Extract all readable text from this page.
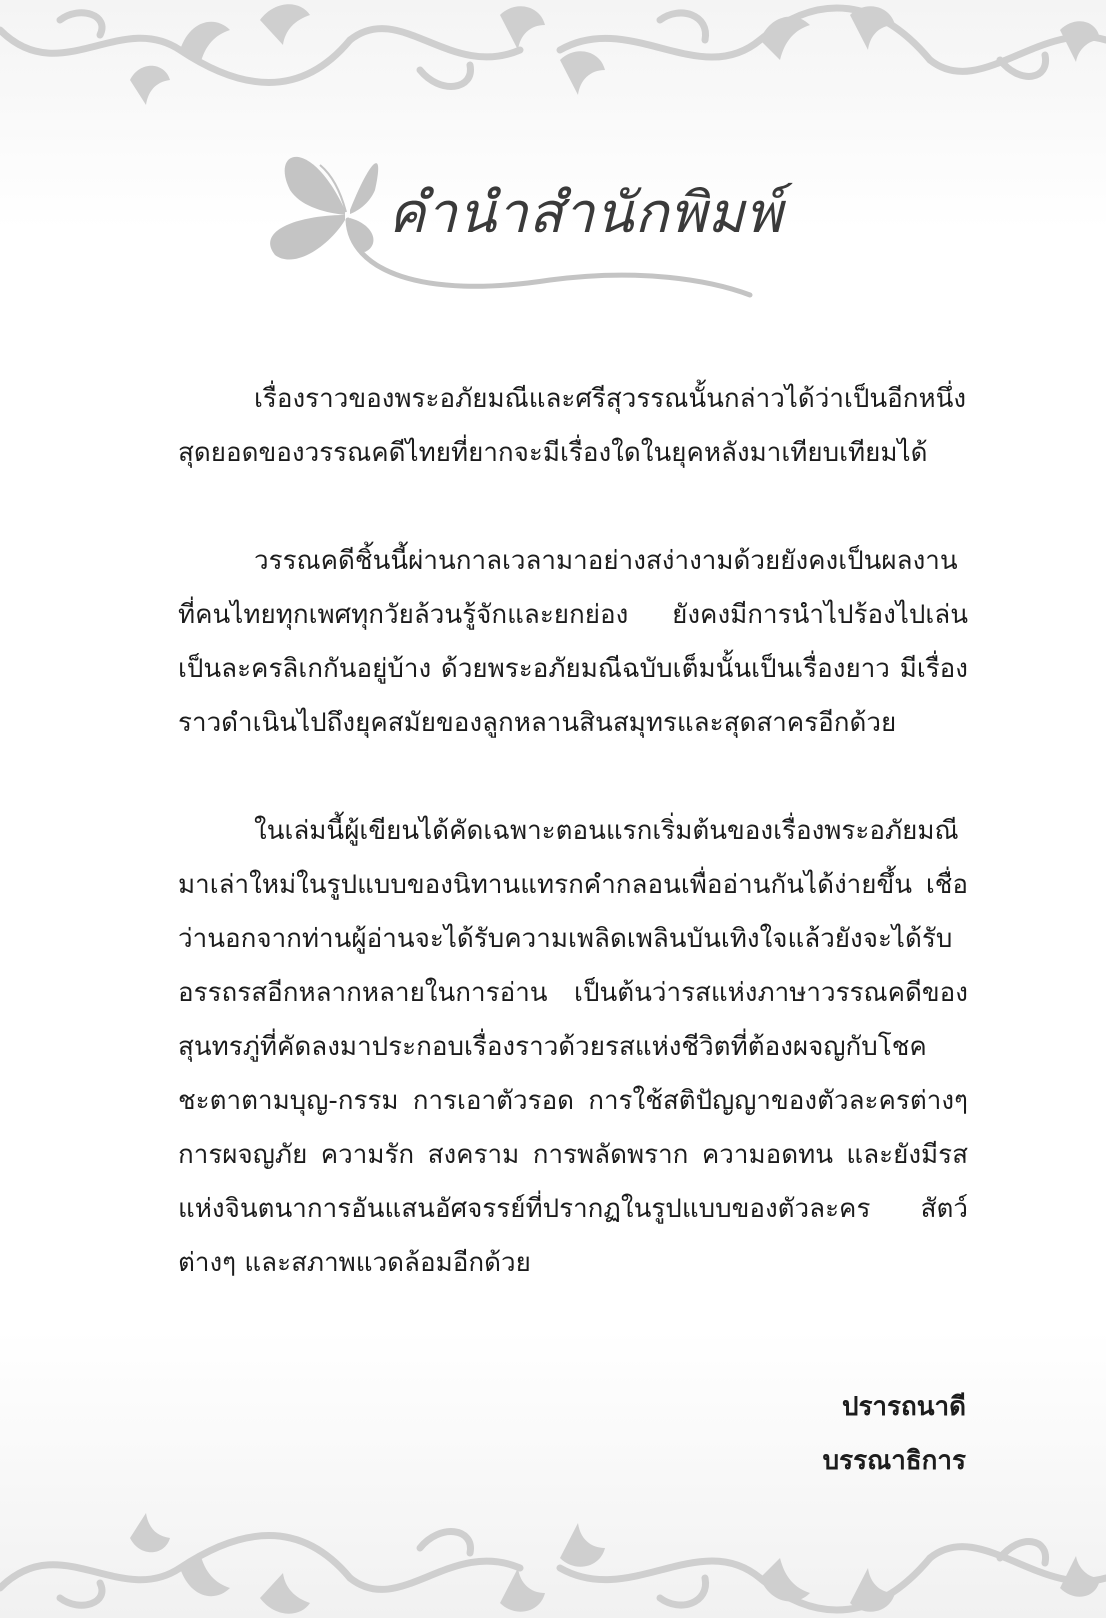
คำนำสำนักพิมพ์

เรื่องราวของพระอภัยมณีและศรีสุวรรณนั้นกล่าวได้ว่าเป็นอีกหนึ่งสุดยอดของวรรณคดีไทยที่ยากจะมีเรื่องใดในยุคหลังมาเทียบเทียมได้

วรรณคดีชิ้นนี้ผ่านกาลเวลามาอย่างสง่างามด้วยยังคงเป็นผลงานที่คนไทยทุกเพศทุกวัยล้วนรู้จักและยกย่อง ยังคงมีการนำไปร้องไปเล่นเป็นละครลิเกกันอยู่บ้าง ด้วยพระอภัยมณีฉบับเต็มนั้นเป็นเรื่องยาว มีเรื่องราวดำเนินไปถึงยุคสมัยของลูกหลานสินสมุทรและสุดสาครอีกด้วย

ในเล่มนี้ผู้เขียนได้คัดเฉพาะตอนแรกเริ่มต้นของเรื่องพระอภัยมณีมาเล่าใหม่ในรูปแบบของนิทานแทรกคำกลอนเพื่ออ่านกันได้ง่ายขึ้น เชื่อว่านอกจากท่านผู้อ่านจะได้รับความเพลิดเพลินบันเทิงใจแล้วยังจะได้รับอรรถรสอีกหลากหลายในการอ่าน เป็นต้นว่ารสแห่งภาษาวรรณคดีของสุนทรภู่ที่คัดลงมาประกอบเรื่องราวด้วยรสแห่งชีวิตที่ต้องผจญกับโชคชะตาตามบุญ-กรรม การเอาตัวรอด การใช้สติปัญญาของตัวละครต่างๆ การผจญภัย ความรัก สงคราม การพลัดพราก ความอดทน และยังมีรสแห่งจินตนาการอันแสนอัศจรรย์ที่ปรากฏในรูปแบบของตัวละคร สัตว์ต่างๆ และสภาพแวดล้อมอีกด้วย

ปรารถนาดี
บรรณาธิการ
